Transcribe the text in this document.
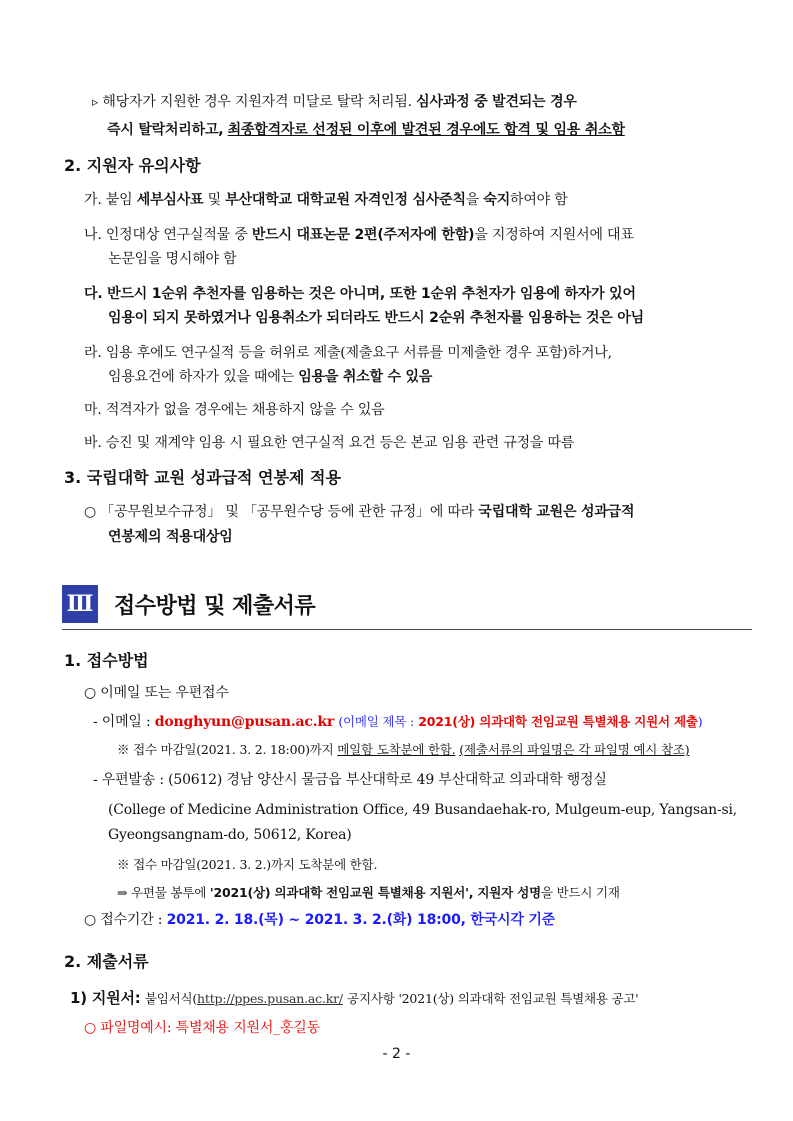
▹ 해당자가 지원한 경우 지원자격 미달로 탈락 처리됨. 심사과정 중 발견되는 경우
즉시 탈락처리하고, 최종합격자로 선정된 이후에 발견된 경우에도 합격 및 임용 취소함
2. 지원자 유의사항
가. 붙임 세부심사표 및 부산대학교 대학교원 자격인정 심사준칙을 숙지하여야 함
나. 인정대상 연구실적물 중 반드시 대표논문 2편(주저자에 한함)을 지정하여 지원서에 대표
논문임을 명시해야 함
다. 반드시 1순위 추천자를 임용하는 것은 아니며, 또한 1순위 추천자가 임용에 하자가 있어
임용이 되지 못하였거나 임용취소가 되더라도 반드시 2순위 추천자를 임용하는 것은 아님
라. 임용 후에도 연구실적 등을 허위로 제출(제출요구 서류를 미제출한 경우 포함)하거나,
임용요건에 하자가 있을 때에는 임용을 취소할 수 있음
마. 적격자가 없을 경우에는 채용하지 않을 수 있음
바. 승진 및 재계약 임용 시 필요한 연구실적 요건 등은 본교 임용 관련 규정을 따름
3. 국립대학 교원 성과급적 연봉제 적용
○ 「공무원보수규정」 및 「공무원수당 등에 관한 규정」에 따라 국립대학 교원은 성과급적
연봉제의 적용대상임
Ⅲ 접수방법 및 제출서류
1. 접수방법
○ 이메일 또는 우편접수
- 이메일 : donghyun@pusan.ac.kr (이메일 제목 : 2021(상) 의과대학 전임교원 특별채용 지원서 제출)
※ 접수 마감일(2021. 3. 2. 18:00)까지 메일함 도착분에 한함. (제출서류의 파일명은 각 파일명 예시 참조)
- 우편발송 : (50612) 경남 양산시 물금읍 부산대학로 49 부산대학교 의과대학 행정실
(College of Medicine Administration Office, 49 Busandaehak-ro, Mulgeum-eup, Yangsan-si,
Gyeongsangnam-do, 50612, Korea)
※ 접수 마감일(2021. 3. 2.)까지 도착분에 한함.
⇒ 우편물 봉투에 '2021(상) 의과대학 전임교원 특별채용 지원서', 지원자 성명을 반드시 기재
○ 접수기간 : 2021. 2. 18.(목) ~ 2021. 3. 2.(화) 18:00, 한국시각 기준
2. 제출서류
1) 지원서: 붙임서식(http://ppes.pusan.ac.kr/ 공지사항 '2021(상) 의과대학 전임교원 특별채용 공고'
○ 파일명예시: 특별채용 지원서_홍길동
- 2 -
